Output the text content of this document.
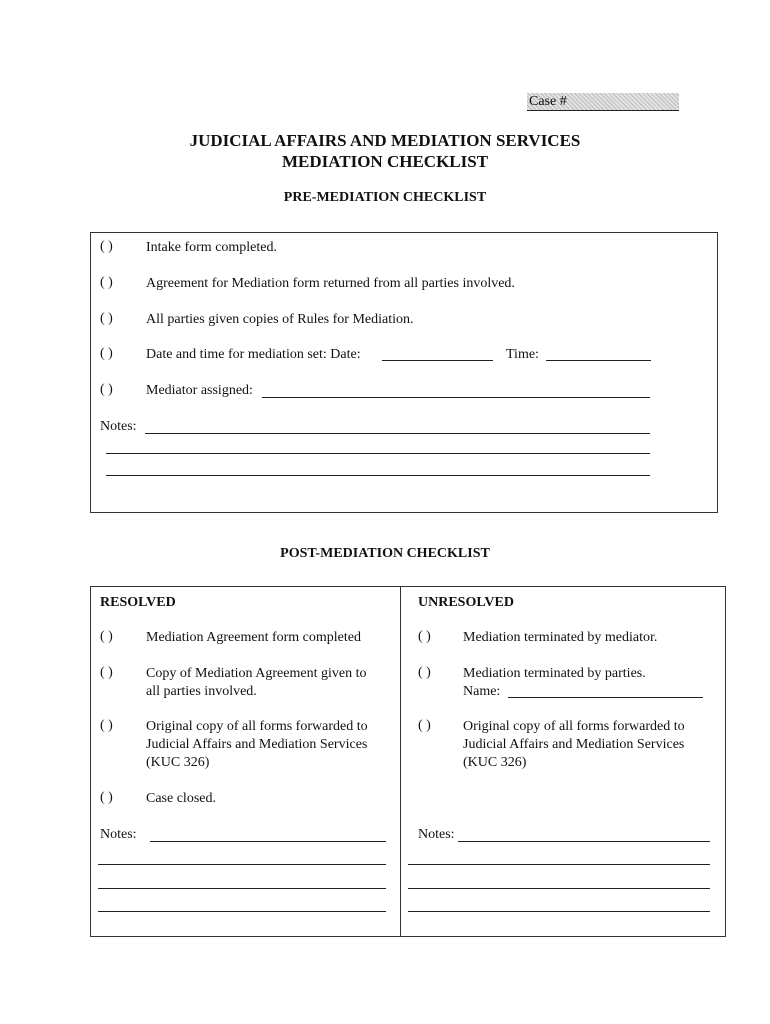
Case #
JUDICIAL AFFAIRS AND MEDIATION SERVICES
MEDIATION CHECKLIST
PRE-MEDIATION CHECKLIST
( ) Intake form completed.
( ) Agreement for Mediation form returned from all parties involved.
( ) All parties given copies of Rules for Mediation.
( ) Date and time for mediation set: Date:	Time:
( ) Mediator assigned:
Notes:
POST-MEDIATION CHECKLIST
RESOLVED
( ) Mediation Agreement form completed
( ) Copy of Mediation Agreement given to
all parties involved.
( ) Original copy of all forms forwarded to
Judicial Affairs and Mediation Services
(KUC 326)
( ) Case closed.
Notes:
UNRESOLVED
( ) Mediation terminated by mediator.
( ) Mediation terminated by parties.
Name:
( ) Original copy of all forms forwarded to
Judicial Affairs and Mediation Services
(KUC 326)
Notes:
